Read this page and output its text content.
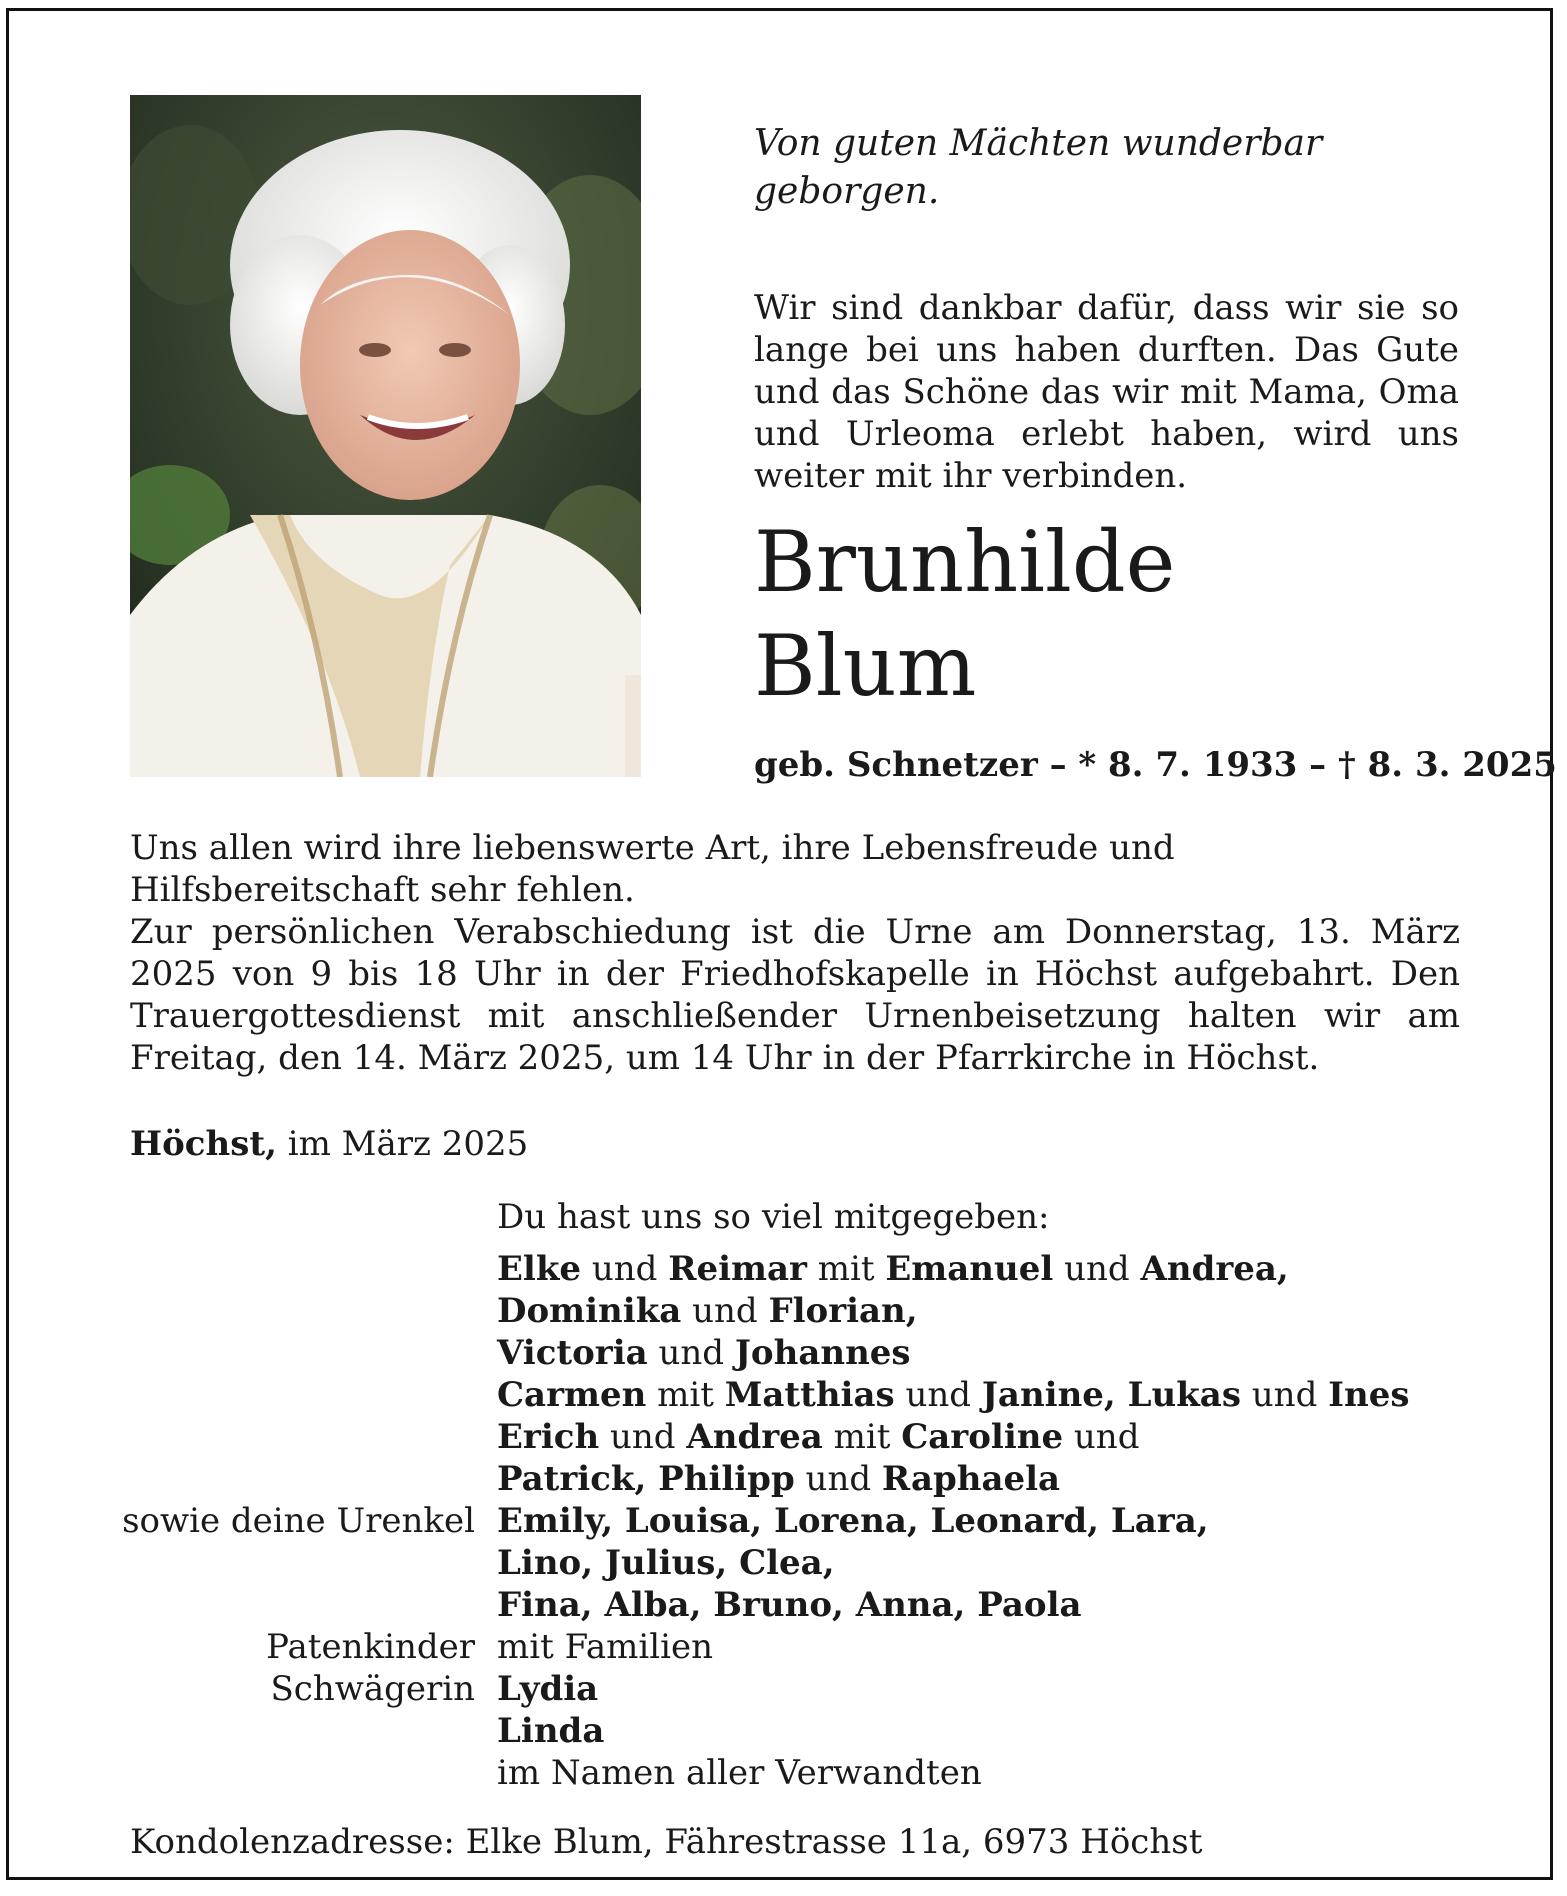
Von guten Mächten wunderbar geborgen.
Wir sind dankbar dafür, dass wir sie so lange bei uns haben durften. Das Gute und das Schöne das wir mit Mama, Oma und Urleoma erlebt haben, wird uns weiter mit ihr verbinden.
Brunhilde
Blum
geb. Schnetzer – * 8. 7. 1933 – † 8. 3. 2025
Uns allen wird ihre liebenswerte Art, ihre Lebensfreude und Hilfsbereitschaft sehr fehlen.
Zur persönlichen Verabschiedung ist die Urne am Donnerstag, 13. März 2025 von 9 bis 18 Uhr in der Friedhofskapelle in Höchst aufgebahrt. Den Trauergottesdienst mit anschließender Urnenbeisetzung halten wir am Freitag, den 14. März 2025, um 14 Uhr in der Pfarrkirche in Höchst.
Höchst, im März 2025
Du hast uns so viel mitgegeben:
Elke und Reimar mit Emanuel und Andrea,
Dominika und Florian,
Victoria und Johannes
Carmen mit Matthias und Janine, Lukas und Ines
Erich und Andrea mit Caroline und
Patrick, Philipp und Raphaela
sowie deine Urenkel Emily, Louisa, Lorena, Leonard, Lara,
Lino, Julius, Clea,
Fina, Alba, Bruno, Anna, Paola
Patenkinder mit Familien
Schwägerin Lydia
Linda
im Namen aller Verwandten
Kondolenzadresse: Elke Blum, Fährestrasse 11a, 6973 Höchst
